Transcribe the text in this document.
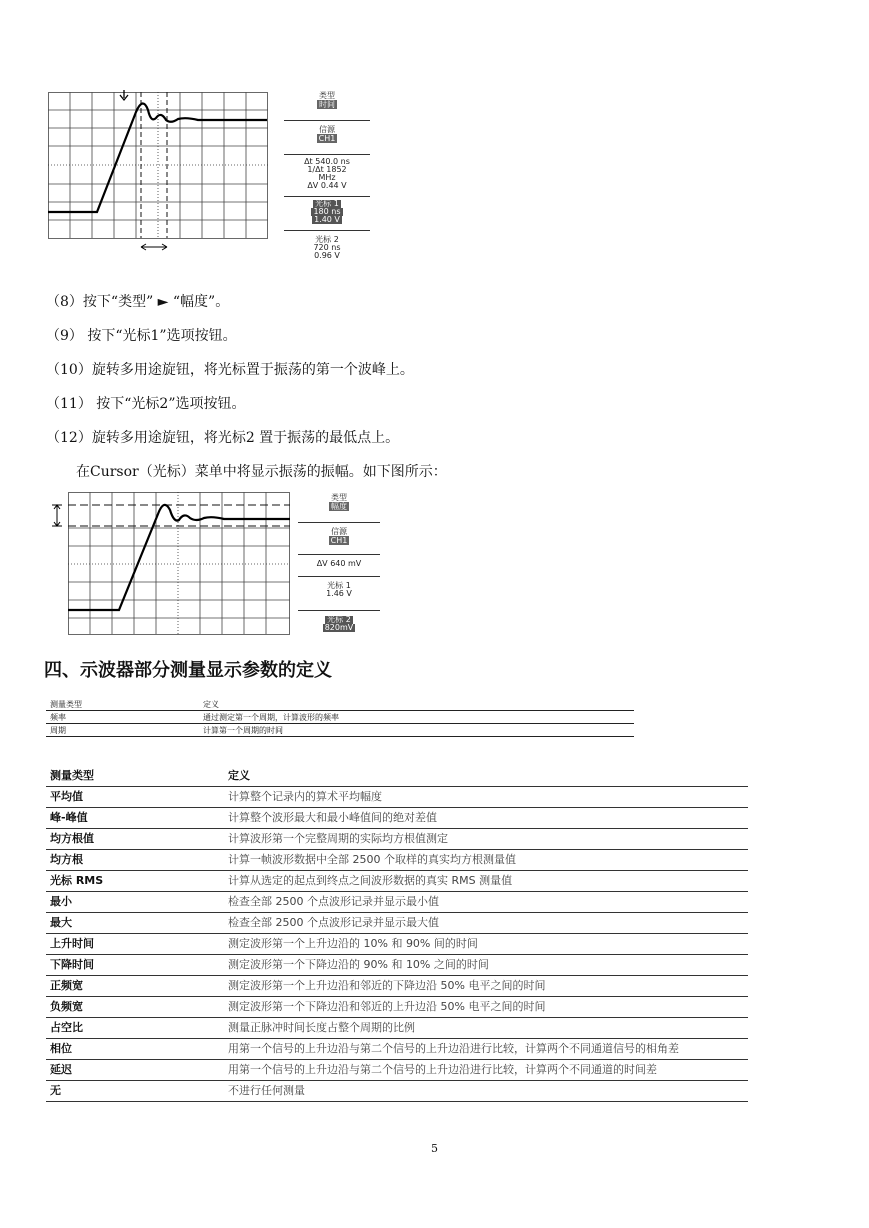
类型
时间
信源
CH1
Δt 540.0 ns
1/Δt 1852
MHz
ΔV 0.44 V
光标 1
180 ns
1.40 V
光标 2
720 ns
0.96 V
（8）按下“类型” ► “幅度”。
（9） 按下“光标1”选项按钮。
（10）旋转多用途旋钮，将光标置于振荡的第一个波峰上。
（11） 按下“光标2”选项按钮。
（12）旋转多用途旋钮，将光标2 置于振荡的最低点上。
在Cursor（光标）菜单中将显示振荡的振幅。如下图所示：
类型
幅度
信源
CH1
ΔV 640 mV
光标 1
1.46 V
光标 2
820mV
四、示波器部分测量显示参数的定义
测量类型	定义
频率	通过测定第一个周期，计算波形的频率
周期	计算第一个周期的时间
测量类型	定义
平均值	计算整个记录内的算术平均幅度
峰-峰值	计算整个波形最大和最小峰值间的绝对差值
均方根值	计算波形第一个完整周期的实际均方根值测定
均方根	计算一帧波形数据中全部 2500 个取样的真实均方根测量值
光标 RMS	计算从选定的起点到终点之间波形数据的真实 RMS 测量值
最小	检查全部 2500 个点波形记录并显示最小值
最大	检查全部 2500 个点波形记录并显示最大值
上升时间	测定波形第一个上升边沿的 10% 和 90% 间的时间
下降时间	测定波形第一个下降边沿的 90% 和 10% 之间的时间
正频宽	测定波形第一个上升边沿和邻近的下降边沿 50% 电平之间的时间
负频宽	测定波形第一个下降边沿和邻近的上升边沿 50% 电平之间的时间
占空比	测量正脉冲时间长度占整个周期的比例
相位	用第一个信号的上升边沿与第二个信号的上升边沿进行比较，计算两个不同通道信号的相角差
延迟	用第一个信号的上升边沿与第二个信号的上升边沿进行比较，计算两个不同通道的时间差
无	不进行任何测量
5
